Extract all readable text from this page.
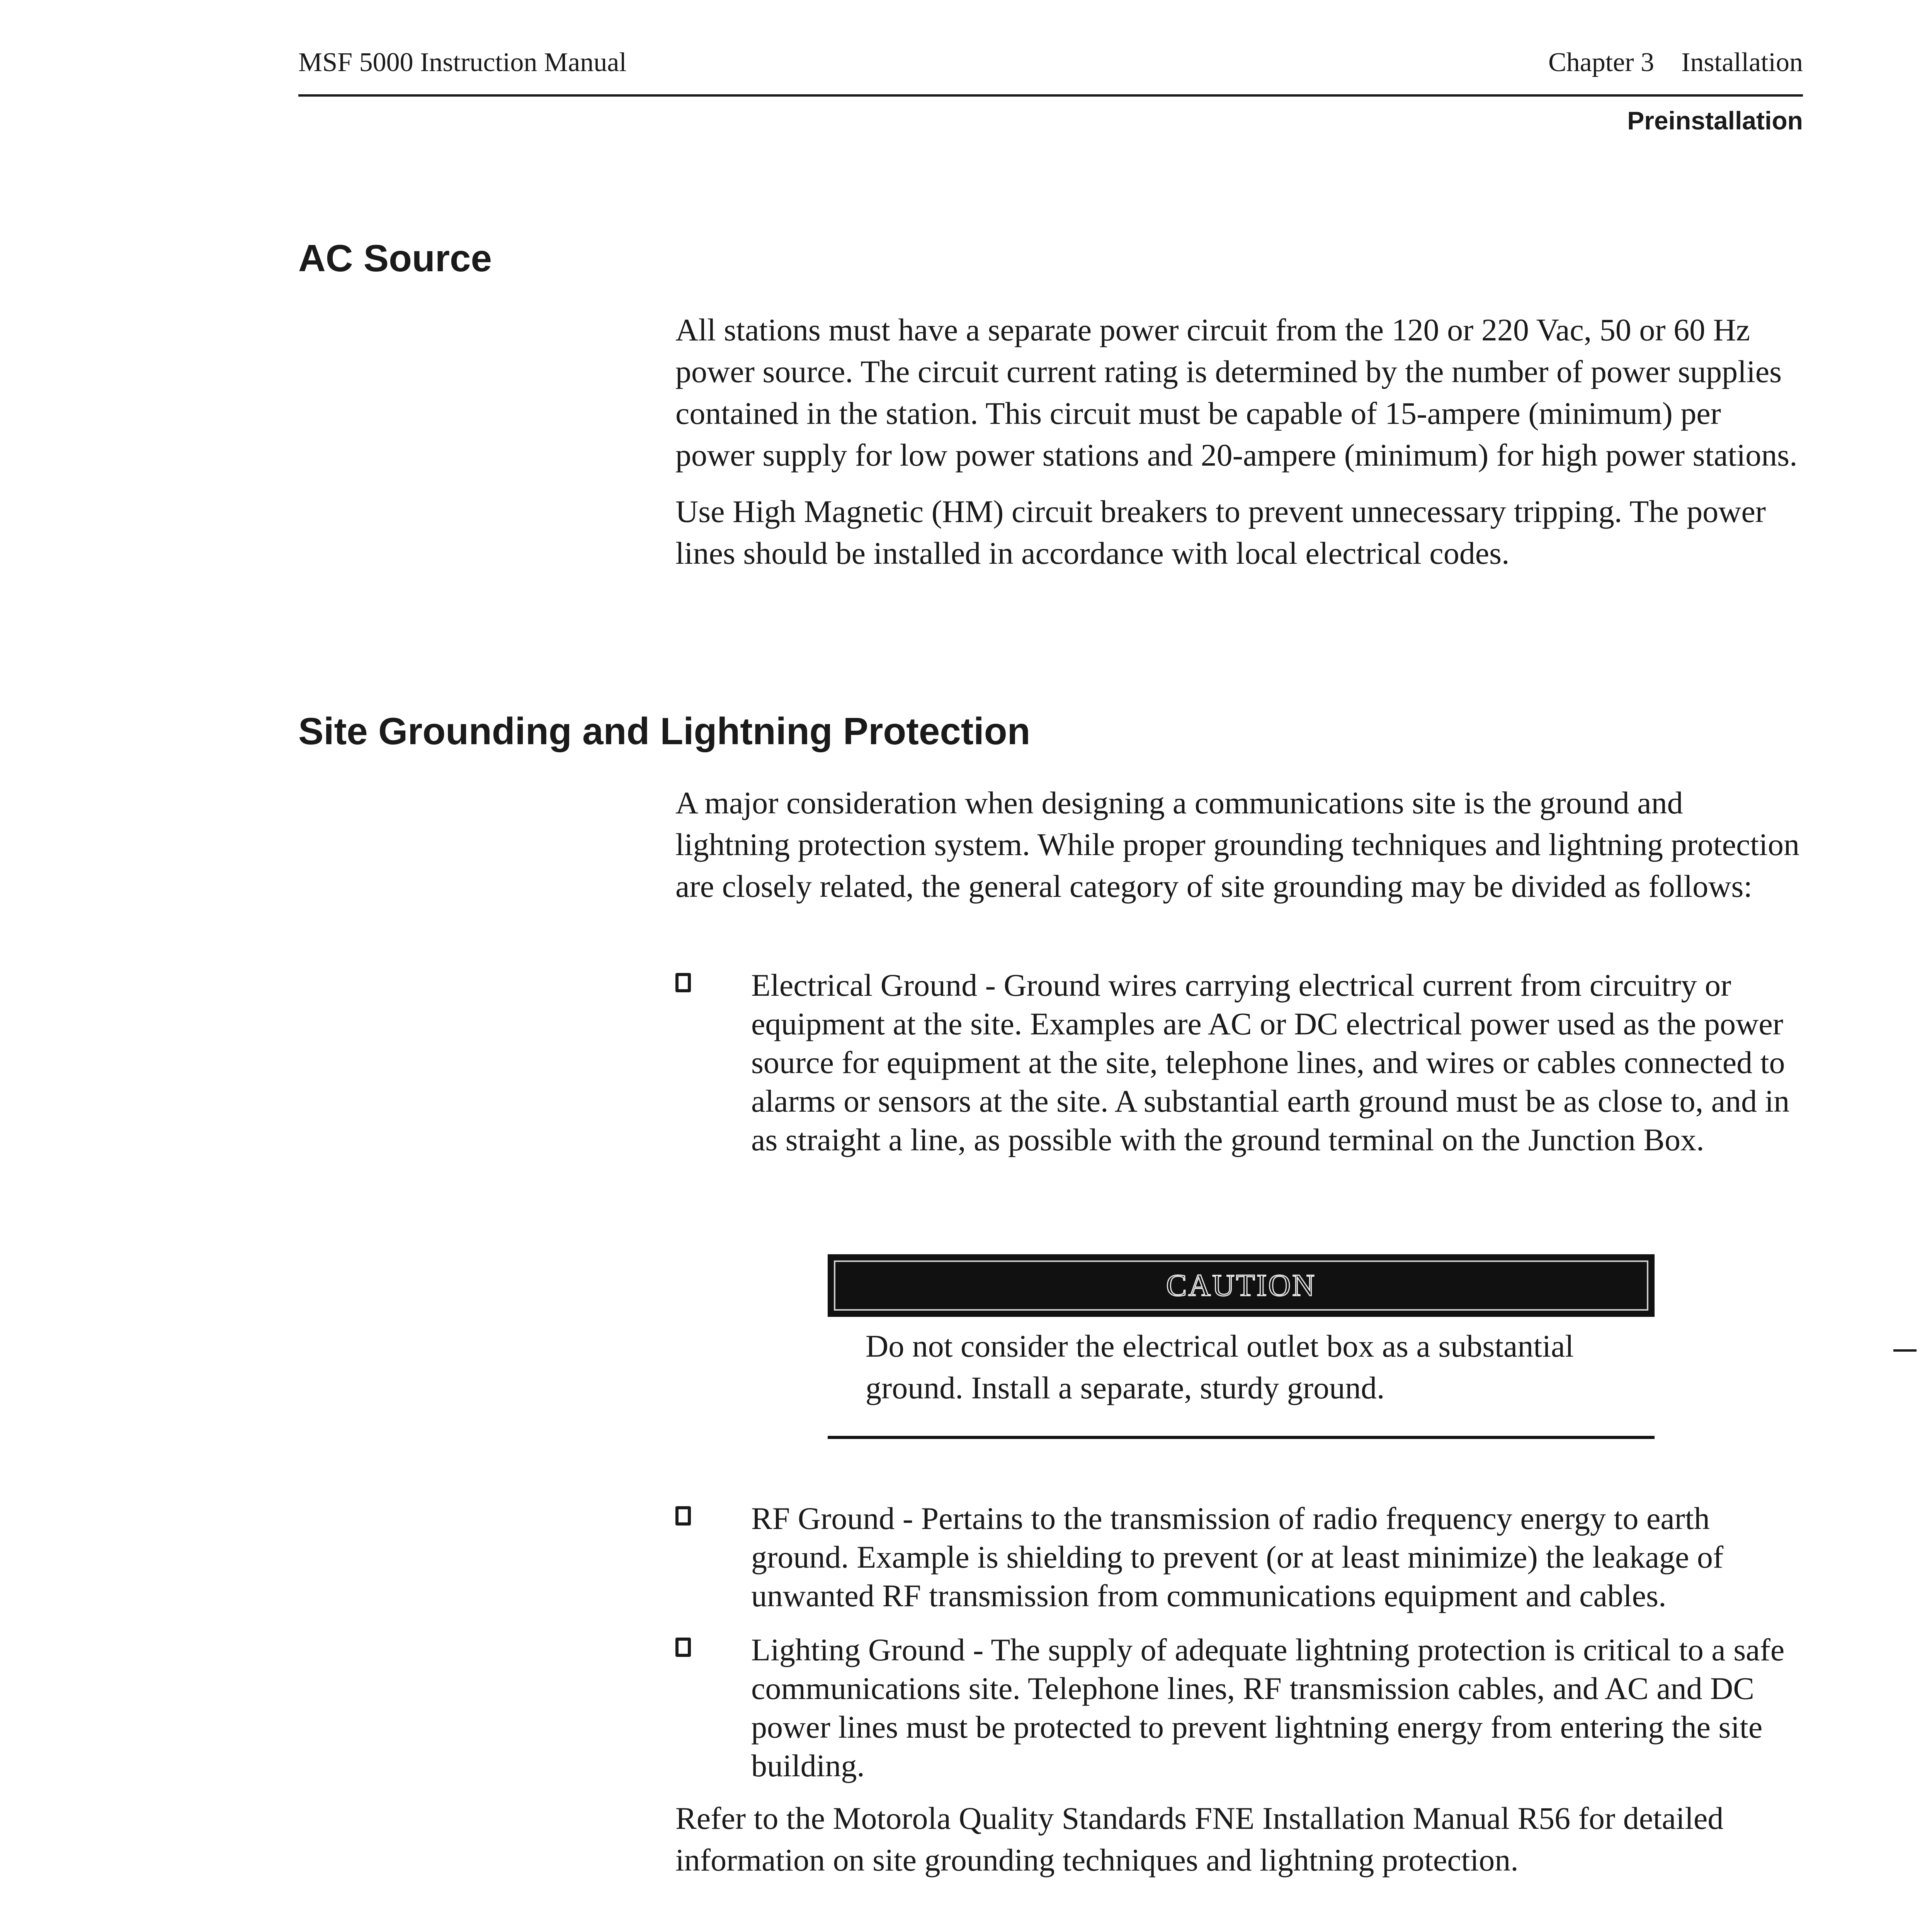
MSF 5000 Instruction Manual	Chapter 3 Installation
Preinstallation
AC Source

All stations must have a separate power circuit from the 120 or 220 Vac, 50 or 60 Hz power source. The circuit current rating is determined by the number of power supplies contained in the station. This circuit must be capable of 15-ampere (minimum) per power supply for low power stations and 20-ampere (minimum) for high power stations.

Use High Magnetic (HM) circuit breakers to prevent unnecessary tripping. The power lines should be installed in accordance with local electrical codes.

Site Grounding and Lightning Protection
A major consideration when designing a communications site is the ground and lightning protection system. While proper grounding techniques and lightning protection are closely related, the general category of site grounding may be divided as follows:
Electrical Ground - Ground wires carrying electrical current from circuitry or equipment at the site. Examples are AC or DC electrical power used as the power source for equipment at the site, telephone lines, and wires or cables connected to alarms or sensors at the site. A substantial earth ground must be as close to, and in as straight a line, as possible with the ground terminal on the Junction Box.
CAUTION
Do not consider the electrical outlet box as a substantial ground. Install a separate, sturdy ground.
RF Ground - Pertains to the transmission of radio frequency energy to earth ground. Example is shielding to prevent (or at least minimize) the leakage of unwanted RF transmission from communications equipment and cables.
Lighting Ground - The supply of adequate lightning protection is critical to a safe communications site. Telephone lines, RF transmission cables, and AC and DC power lines must be protected to prevent lightning energy from entering the site building.
Refer to the Motorola Quality Standards FNE Installation Manual R56 for detailed information on site grounding techniques and lightning protection.
